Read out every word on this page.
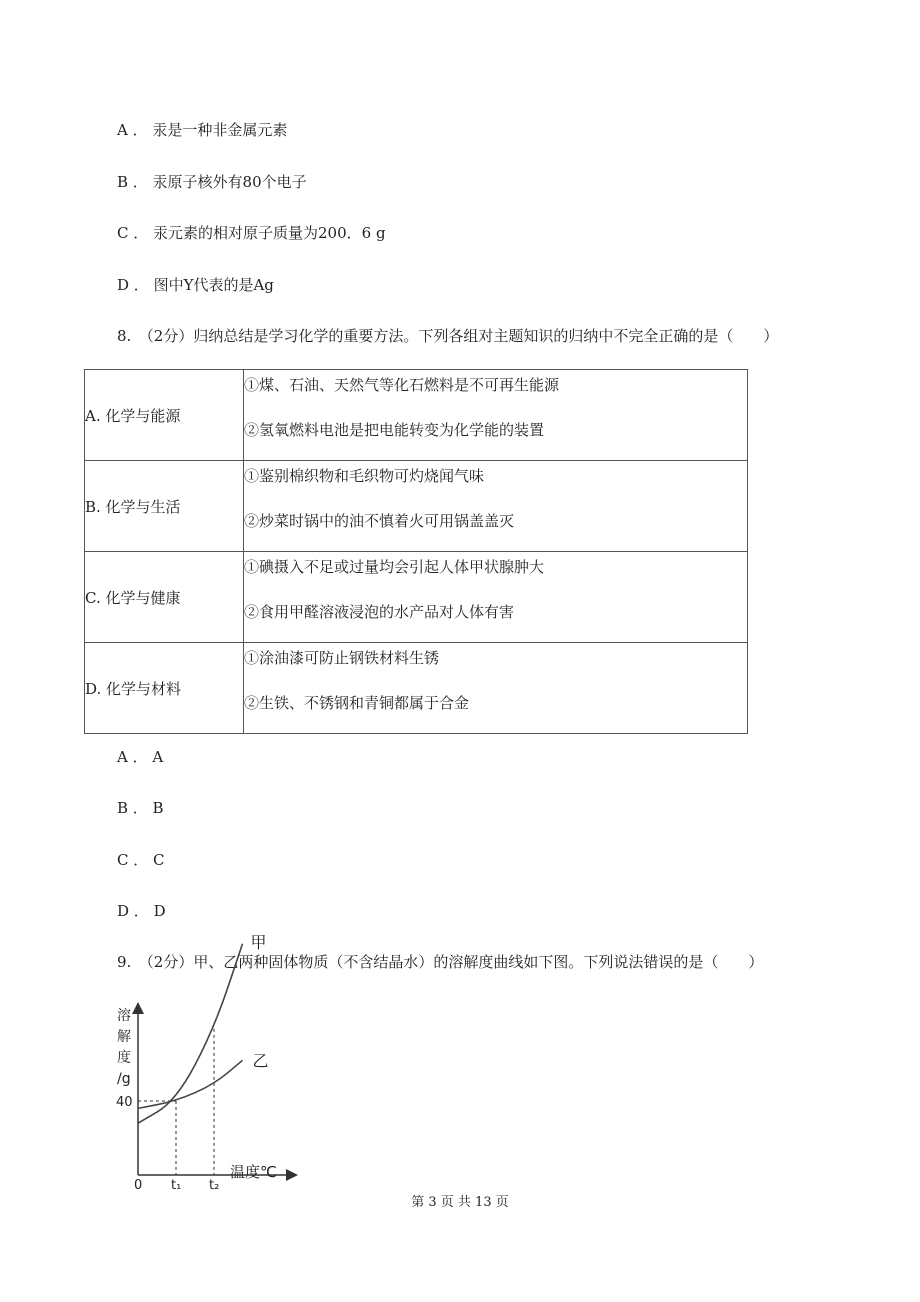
A ． 汞是一种非金属元素
B ． 汞原子核外有80个电子
C ． 汞元素的相对原子质量为200．6 g
D ． 图中Y代表的是Ag
8.　（2分）归纳总结是学习化学的重要方法。下列各组对主题知识的归纳中不完全正确的是（　　）
A. 化学与能源	①煤、石油、天然气等化石燃料是不可再生能源
②氢氧燃料电池是把电能转变为化学能的装置

B. 化学与生活	①鉴别棉织物和毛织物可灼烧闻气味
②炒菜时锅中的油不慎着火可用锅盖盖灭

C. 化学与健康	①碘摄入不足或过量均会引起人体甲状腺肿大
②食用甲醛溶液浸泡的水产品对人体有害

D. 化学与材料	①涂油漆可防止钢铁材料生锈
②生铁、不锈钢和青铜都属于合金
A ． A
B ． B
C ． C
D ． D
9.　（2分）甲、乙两种固体物质（不含结晶水）的溶解度曲线如下图。下列说法错误的是（　　）
溶
解
度
/g
温度℃
甲
乙
40
0 t₁ t₂
第 3 页 共 13 页
